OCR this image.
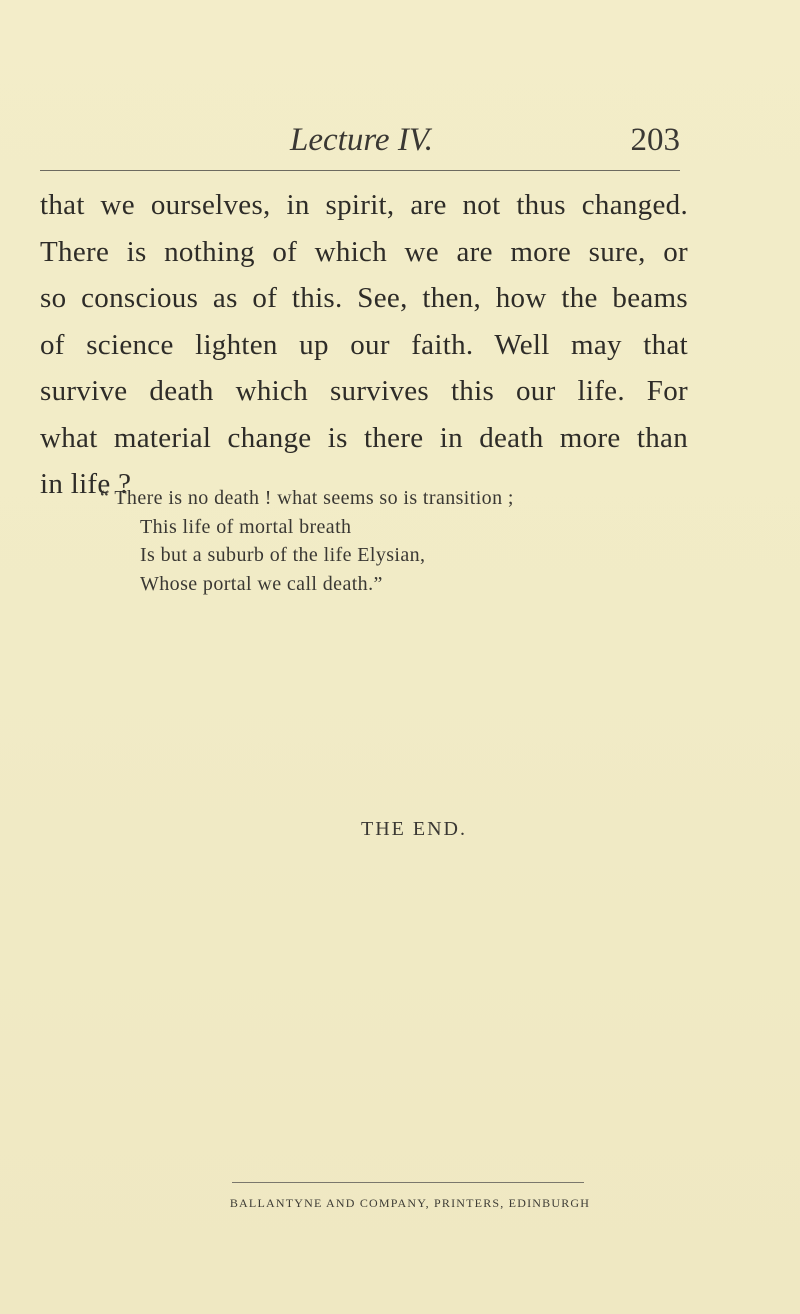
Lecture IV.	203
that we ourselves, in spirit, are not thus changed.
There is nothing of which we are more sure, or
so conscious as of this. See, then, how the beams
of science lighten up our faith. Well may that
survive death which survives this our life. For
what material change is there in death more than
in life ?
“ There is no death ! what seems so is transition ;
This life of mortal breath
Is but a suburb of the life Elysian,
Whose portal we call death.”
THE END.
BALLANTYNE AND COMPANY, PRINTERS, EDINBURGH
